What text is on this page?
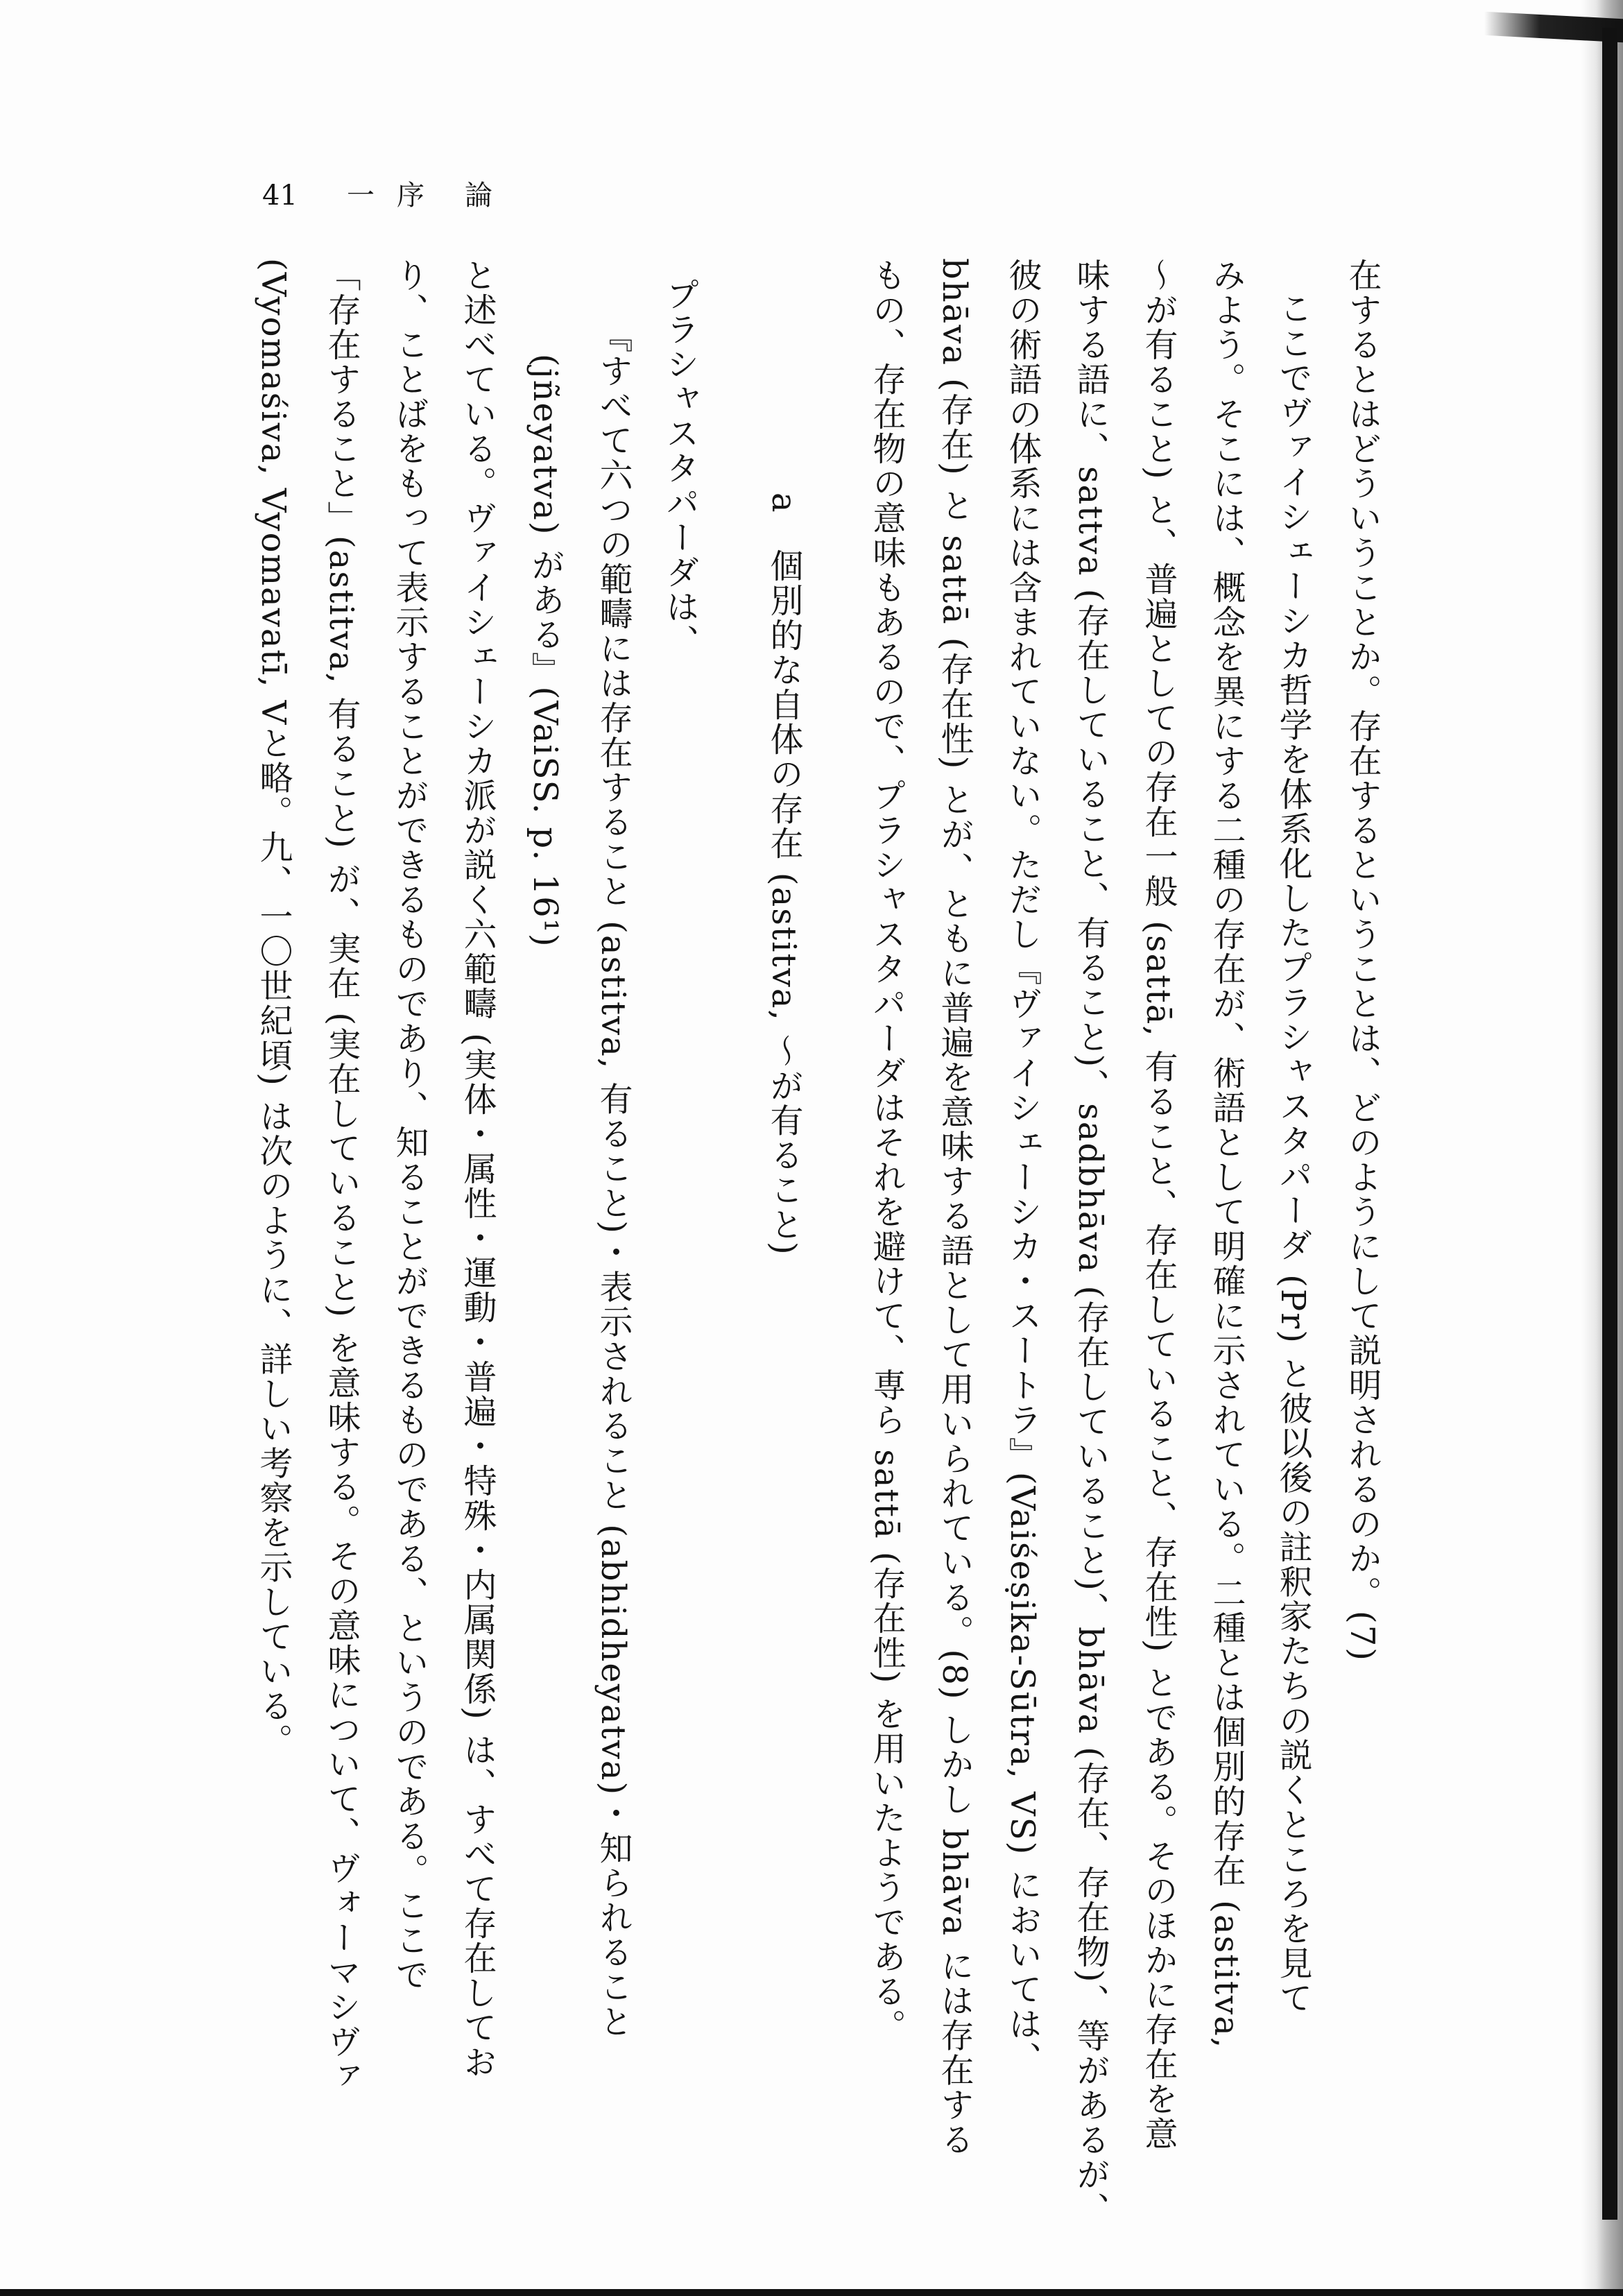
41 一 序論
在するとはどういうことか。存在するということは、どのようにして説明されるのか。(7)
ここでヴァイシェーシカ哲学を体系化したプラシャスタパーダ (Pr) と彼以後の註釈家たちの説くところを見て
みよう。そこには、概念を異にする二種の存在が、術語として明確に示されている。二種とは個別的存在 (astitva,
〜が有ること) と、普遍としての存在一般 (sattā, 有ること、存在していること、存在性) とである。そのほかに存在を意
味する語に、sattva (存在していること、有ること)、sadbhāva (存在していること)、bhāva (存在、存在物)、等があるが、
彼の術語の体系には含まれていない。ただし『ヴァイシェーシカ・スートラ』(Vaiśeṣika-Sūtra, VS) においては、
bhāva (存在) と sattā (存在性) とが、ともに普遍を意味する語として用いられている。(8) しかし bhāva には存在する
もの、存在物の意味もあるので、プラシャスタパーダはそれを避けて、専ら sattā (存在性) を用いたようである。
a　個別的な自体の存在 (astitva, 〜が有ること)
プラシャスタパーダは、
『すべて六つの範疇には存在すること (astitva, 有ること)・表示されること (abhidheyatva)・知られること
(jñeyatva) がある』(VaiSS. p. 16¹)
と述べている。ヴァイシェーシカ派が説く六範疇 (実体・属性・運動・普遍・特殊・内属関係) は、すべて存在してお
り、ことばをもって表示することができるものであり、知ることができるものである、というのである。ここで
「存在すること」(astitva, 有ること) が、実在 (実在していること) を意味する。その意味について、ヴォーマシヴァ
(Vyomaśiva, Vyomavatī, Vと略。九、一〇世紀頃) は次のように、詳しい考察を示している。
